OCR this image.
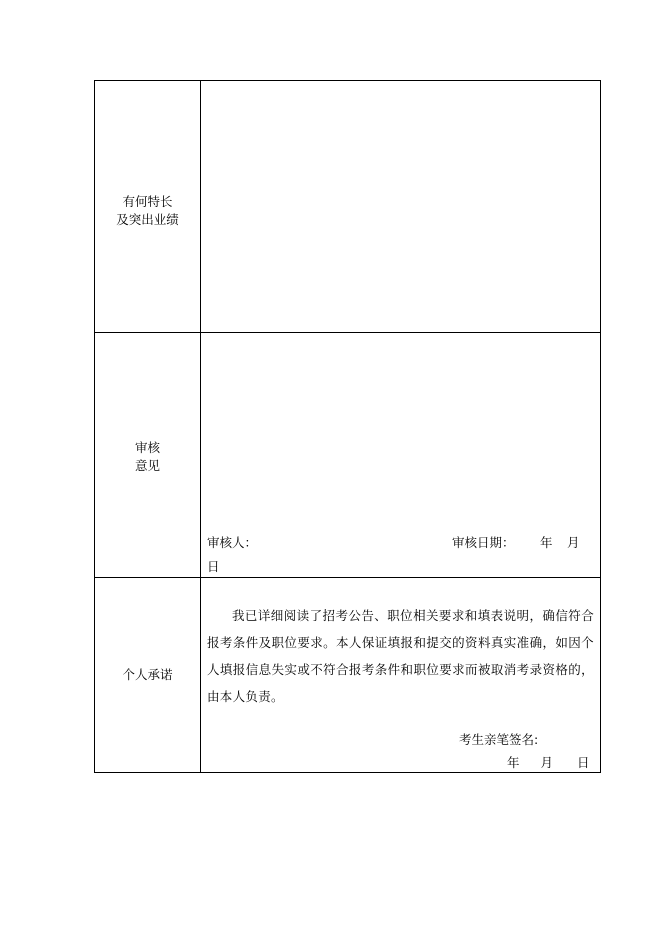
有何特长
及突出业绩
审核
意见
审核人：	审核日期： 年 月
日
个人承诺
我已详细阅读了招考公告、职位相关要求和填表说明，确信符合报考条件及职位要求。本人保证填报和提交的资料真实准确，如因个人填报信息失实或不符合报考条件和职位要求而被取消考录资格的，由本人负责。
考生亲笔签名:
年 月 日
